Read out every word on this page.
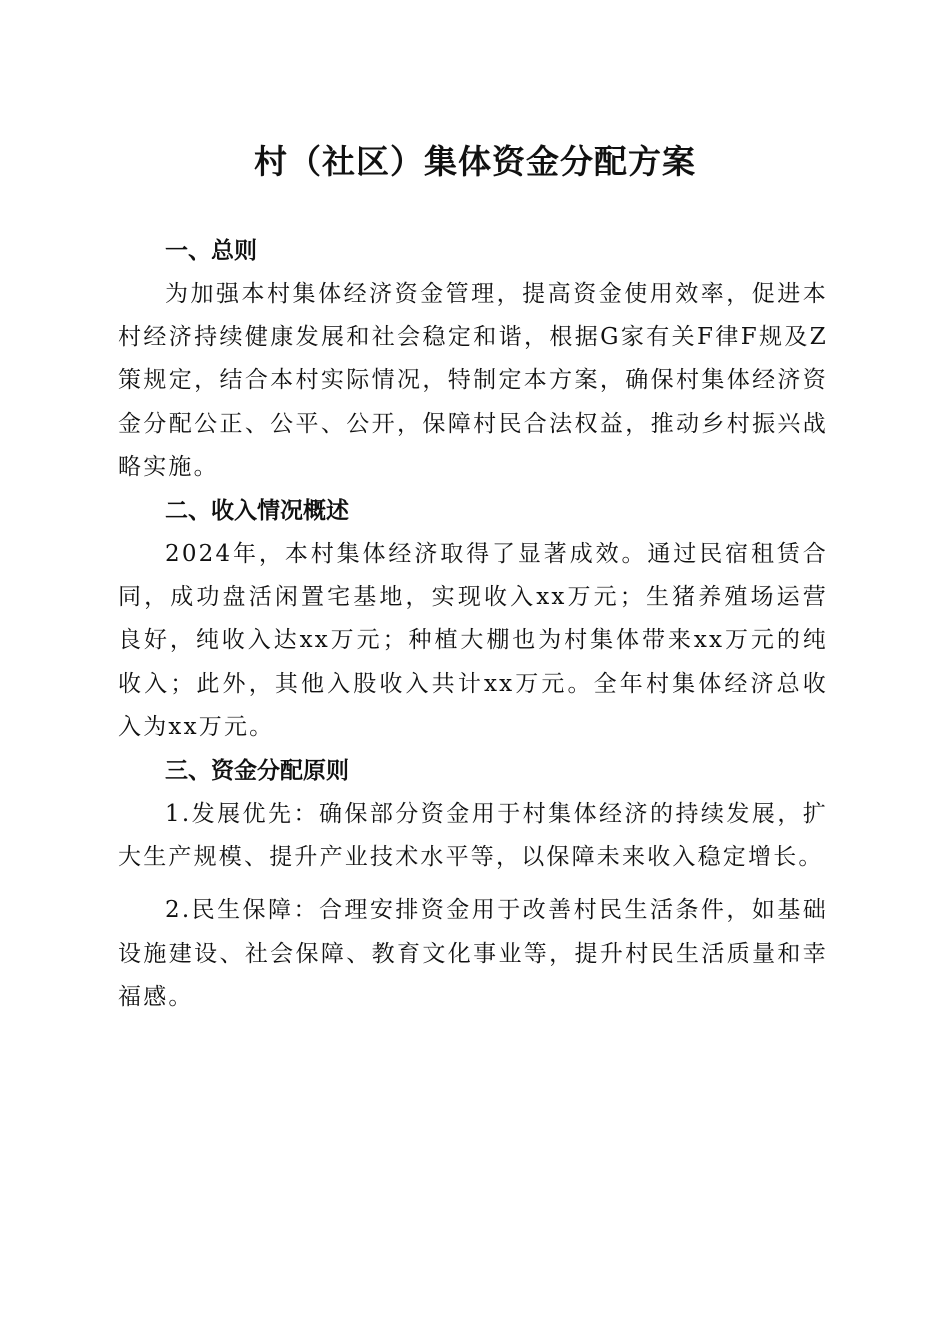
村（社区）集体资金分配方案

一、总则

为加强本村集体经济资金管理，提高资金使用效率，促进本村经济持续健康发展和社会稳定和谐，根据G家有关F律F规及Z策规定，结合本村实际情况，特制定本方案，确保村集体经济资金分配公正、公平、公开，保障村民合法权益，推动乡村振兴战略实施。

二、收入情况概述

2024年，本村集体经济取得了显著成效。通过民宿租赁合同，成功盘活闲置宅基地，实现收入xx万元；生猪养殖场运营良好，纯收入达xx万元；种植大棚也为村集体带来xx万元的纯收入；此外，其他入股收入共计xx万元。全年村集体经济总收入为xx万元。

三、资金分配原则

1.发展优先：确保部分资金用于村集体经济的持续发展，扩大生产规模、提升产业技术水平等，以保障未来收入稳定增长。

2.民生保障：合理安排资金用于改善村民生活条件，如基础设施建设、社会保障、教育文化事业等，提升村民生活质量和幸福感。
